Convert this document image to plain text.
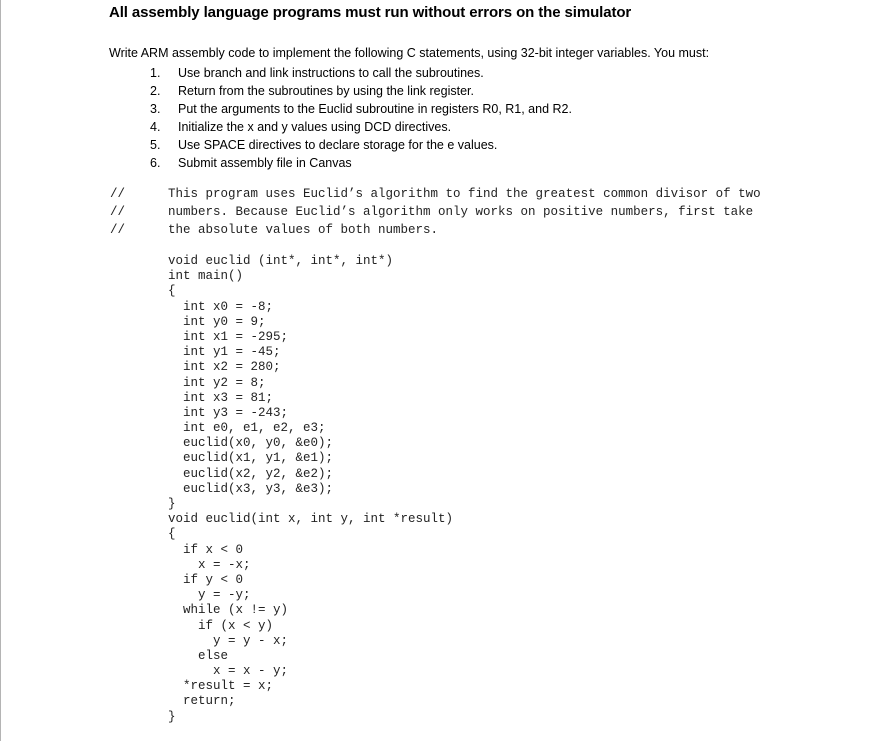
All assembly language programs must run without errors on the simulator
Write ARM assembly code to implement the following C statements, using 32-bit integer variables. You must:
1.	Use branch and link instructions to call the subroutines.
2.	Return from the subroutines by using the link register.
3.	Put the arguments to the Euclid subroutine in registers R0, R1, and R2.
4.	Initialize the x and y values using DCD directives.
5.	Use SPACE directives to declare storage for the e values.
6.	Submit assembly file in Canvas
//
//
//
This program uses Euclid’s algorithm to find the greatest common divisor of two
numbers. Because Euclid’s algorithm only works on positive numbers, first take
the absolute values of both numbers.
void euclid (int*, int*, int*)
int main()
{
int x0 = -8;
int y0 = 9;
int x1 = -295;
int y1 = -45;
int x2 = 280;
int y2 = 8;
int x3 = 81;
int y3 = -243;
int e0, e1, e2, e3;
euclid(x0, y0, &e0);
euclid(x1, y1, &e1);
euclid(x2, y2, &e2);
euclid(x3, y3, &e3);
}
void euclid(int x, int y, int *result)
{
if x < 0
x = -x;
if y < 0
y = -y;
while (x != y)
if (x < y)
y = y - x;
else
x = x - y;
*result = x;
return;
}
